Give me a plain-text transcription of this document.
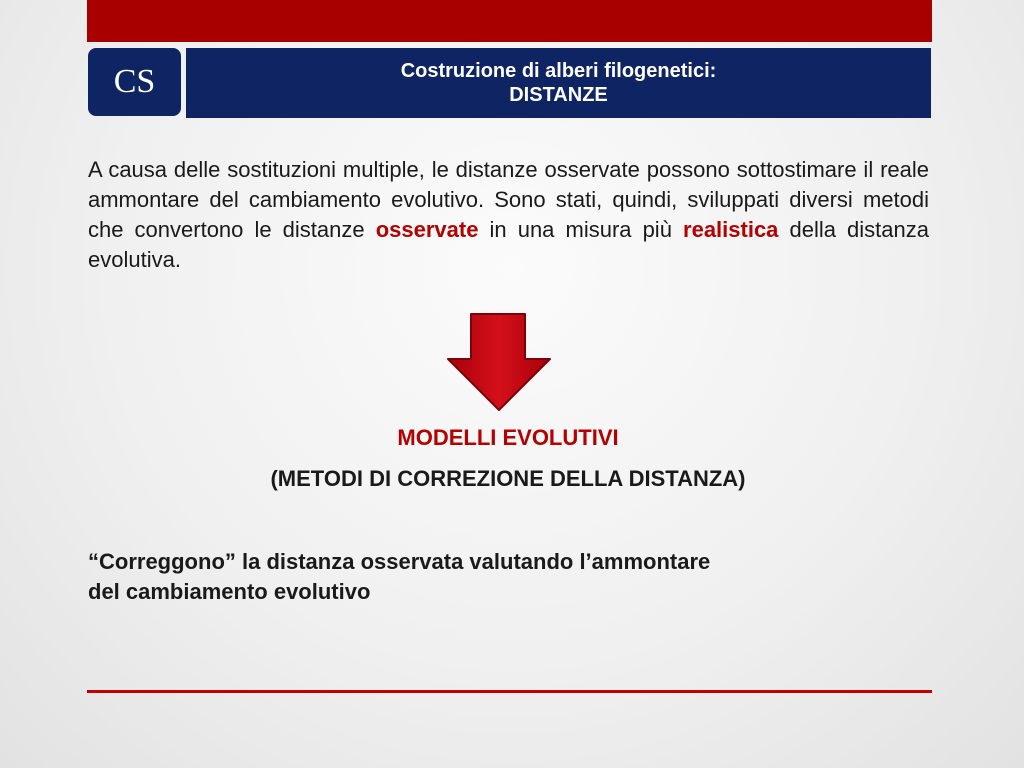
CS	Costruzione di alberi filogenetici:
DISTANZE

A causa delle sostituzioni multiple, le distanze osservate possono sottostimare il reale ammontare del cambiamento evolutivo. Sono stati, quindi, sviluppati diversi metodi che convertono le distanze osservate in una misura più realistica della distanza evolutiva.

MODELLI EVOLUTIVI
(METODI DI CORREZIONE DELLA DISTANZA)
“Correggono” la distanza osservata valutando l’ammontare
del cambiamento evolutivo
